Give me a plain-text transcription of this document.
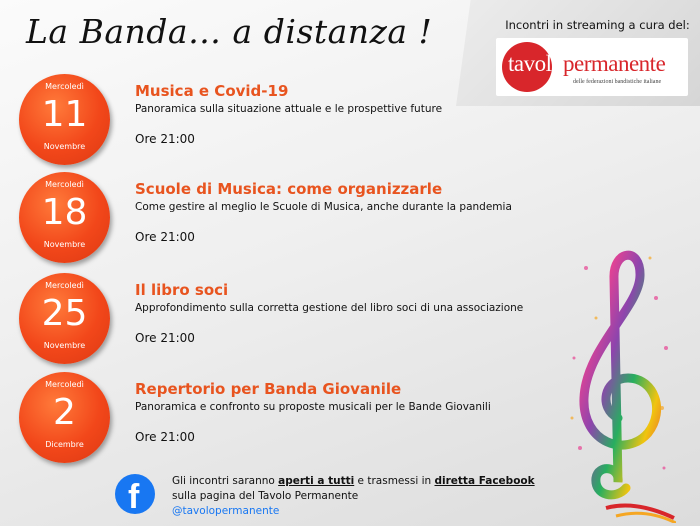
La Banda… a distanza !	Incontri in streaming a cura del:
tavolo permanente
delle federazioni bandistiche italiane
Mercoledì
11
Novembre
Musica e Covid-19
Panoramica sulla situazione attuale e le prospettive future
Ore 21:00
Mercoledì
18
Novembre
Scuole di Musica: come organizzarle
Come gestire al meglio le Scuole di Musica, anche durante la pandemia
Ore 21:00
Mercoledì
25
Novembre
Il libro soci
Approfondimento sulla corretta gestione del libro soci di una associazione
Ore 21:00
Mercoledì
2
Dicembre
Repertorio per Banda Giovanile
Panoramica e confronto su proposte musicali per le Bande Giovanili
Ore 21:00
f	Gli incontri saranno aperti a tutti e trasmessi in diretta Facebook
sulla pagina del Tavolo Permanente
@tavolopermanente
